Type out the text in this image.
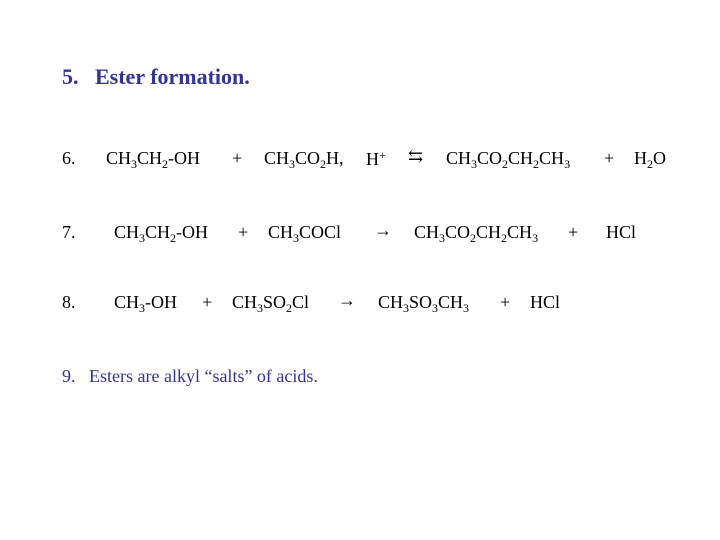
5. Ester formation.
6. $CH_3CH_2-OH + CH_3CO_2H$, H+ ⇆ $CH_3CO_2CH_2CH_3 + H_2O$
7. $CH_3CH_2-OH$ + $CH_3COCl \to CH_3CO_2CH_2CH_3$ + HCl
8. $CH_3-OH + CH_3SO_2Cl \to CH_3SO_3CH_3$ + HCl
9. Esters are alkyl “salts” of acids.
